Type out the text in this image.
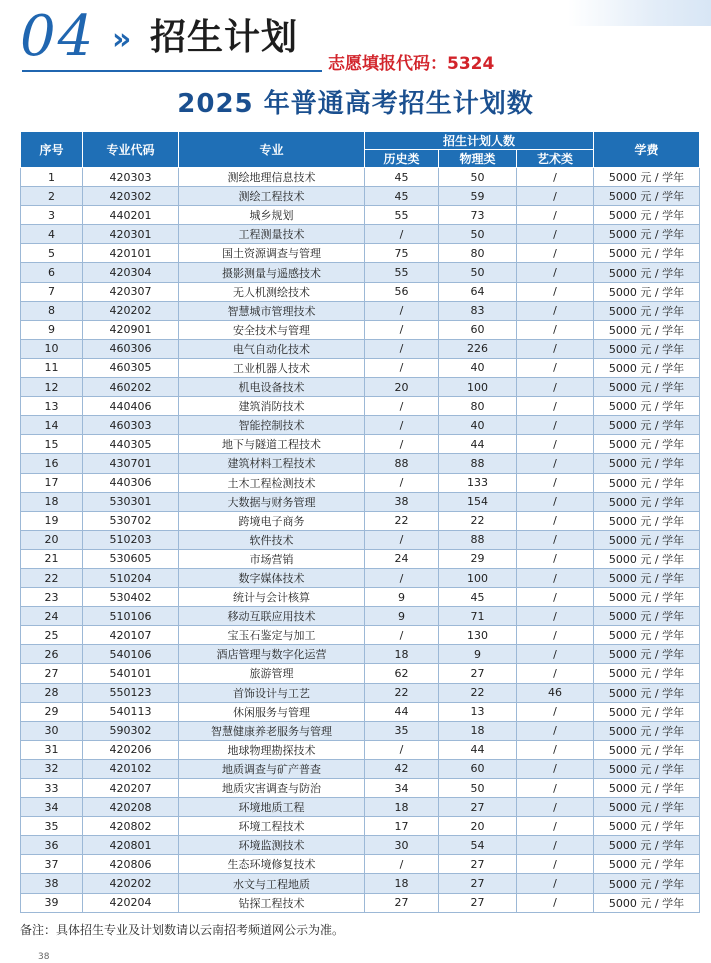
04 » 招生计划
志愿填报代码：5324
2025 年普通高考招生计划数
序号	专业代码	专业	招生计划人数			学费
			历史类	物理类	艺术类	
1	420303	测绘地理信息技术	45	50	/	5000 元 / 学年
2	420302	测绘工程技术	45	59	/	5000 元 / 学年
3	440201	城乡规划	55	73	/	5000 元 / 学年
4	420301	工程测量技术	/	50	/	5000 元 / 学年
5	420101	国土资源调查与管理	75	80	/	5000 元 / 学年
6	420304	摄影测量与遥感技术	55	50	/	5000 元 / 学年
7	420307	无人机测绘技术	56	64	/	5000 元 / 学年
8	420202	智慧城市管理技术	/	83	/	5000 元 / 学年
9	420901	安全技术与管理	/	60	/	5000 元 / 学年
10	460306	电气自动化技术	/	226	/	5000 元 / 学年
11	460305	工业机器人技术	/	40	/	5000 元 / 学年
12	460202	机电设备技术	20	100	/	5000 元 / 学年
13	440406	建筑消防技术	/	80	/	5000 元 / 学年
14	460303	智能控制技术	/	40	/	5000 元 / 学年
15	440305	地下与隧道工程技术	/	44	/	5000 元 / 学年
16	430701	建筑材料工程技术	88	88	/	5000 元 / 学年
17	440306	土木工程检测技术	/	133	/	5000 元 / 学年
18	530301	大数据与财务管理	38	154	/	5000 元 / 学年
19	530702	跨境电子商务	22	22	/	5000 元 / 学年
20	510203	软件技术	/	88	/	5000 元 / 学年
21	530605	市场营销	24	29	/	5000 元 / 学年
22	510204	数字媒体技术	/	100	/	5000 元 / 学年
23	530402	统计与会计核算	9	45	/	5000 元 / 学年
24	510106	移动互联应用技术	9	71	/	5000 元 / 学年
25	420107	宝玉石鉴定与加工	/	130	/	5000 元 / 学年
26	540106	酒店管理与数字化运营	18	9	/	5000 元 / 学年
27	540101	旅游管理	62	27	/	5000 元 / 学年
28	550123	首饰设计与工艺	22	22	46	5000 元 / 学年
29	540113	休闲服务与管理	44	13	/	5000 元 / 学年
30	590302	智慧健康养老服务与管理	35	18	/	5000 元 / 学年
31	420206	地球物理勘探技术	/	44	/	5000 元 / 学年
32	420102	地质调查与矿产普查	42	60	/	5000 元 / 学年
33	420207	地质灾害调查与防治	34	50	/	5000 元 / 学年
34	420208	环境地质工程	18	27	/	5000 元 / 学年
35	420802	环境工程技术	17	20	/	5000 元 / 学年
36	420801	环境监测技术	30	54	/	5000 元 / 学年
37	420806	生态环境修复技术	/	27	/	5000 元 / 学年
38	420202	水文与工程地质	18	27	/	5000 元 / 学年
39	420204	钻探工程技术	27	27	/	5000 元 / 学年
备注：具体招生专业及计划数请以云南招考频道网公示为准。
38
